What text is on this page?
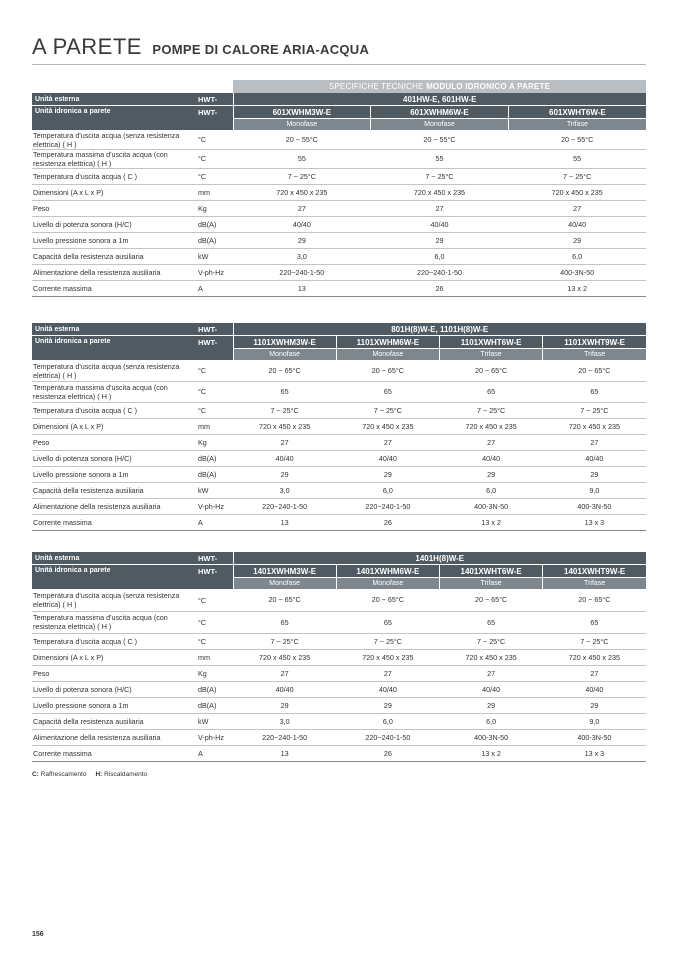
A PARETE POMPE DI CALORE ARIA-ACQUA
SPECIFICHE TECNICHE MODULO IDRONICO A PARETE
Unità esterna	HWT-	401HW-E, 601HW-E		
Unità idronica a parete	HWT-	601XWHM3W-E	601XWHM6W-E	601XWHT6W-E
		Monofase	Monofase	Trifase
Temperatura d'uscita acqua (senza resistenza elettrica) ( H )	°C	20 ~ 55°C	20 ~ 55°C	20 ~ 55°C
Temperatura massima d'uscita acqua (con resistenza elettrica) ( H )	°C	55	55	55
Temperatura d'uscita acqua ( C )	°C	7 ~ 25°C	7 ~ 25°C	7 ~ 25°C
Dimensioni (A x L x P)	mm	720 x 450 x 235	720 x 450 x 235	720 x 450 x 235
Peso	Kg	27	27	27
Livello di potenza sonora (H/C)	dB(A)	40/40	40/40	40/40
Livello pressione sonora a 1m	dB(A)	29	29	29
Capacità della resistenza ausiliaria	kW	3,0	6,0	6,0
Alimentazione della resistenza ausiliaria	V-ph-Hz	220~240-1-50	220~240-1-50	400-3N-50
Corrente massima	A	13	26	13 x 2
Unità esterna	HWT-	801H(8)W-E, 1101H(8)W-E			
Unità idronica a parete	HWT-	1101XWHM3W-E	1101XWHM6W-E	1101XWHT6W-E	1101XWHT9W-E
		Monofase	Monofase	Trifase	Trifase
Temperatura d'uscita acqua (senza resistenza elettrica) ( H )	°C	20 ~ 65°C	20 ~ 65°C	20 ~ 65°C	20 ~ 65°C
Temperatura massima d'uscita acqua (con resistenza elettrica) ( H )	°C	65	65	65	65
Temperatura d'uscita acqua ( C )	°C	7 ~ 25°C	7 ~ 25°C	7 ~ 25°C	7 ~ 25°C
Dimensioni (A x L x P)	mm	720 x 450 x 235	720 x 450 x 235	720 x 450 x 235	720 x 450 x 235
Peso	Kg	27	27	27	27
Livello di potenza sonora (H/C)	dB(A)	40/40	40/40	40/40	40/40
Livello pressione sonora a 1m	dB(A)	29	29	29	29
Capacità della resistenza ausiliaria	kW	3,0	6,0	6,0	9,0
Alimentazione della resistenza ausiliaria	V-ph-Hz	220~240-1-50	220~240-1-50	400-3N-50	400-3N-50
Corrente massima	A	13	26	13 x 2	13 x 3
Unità esterna	HWT-	1401H(8)W-E			
Unità idronica a parete	HWT-	1401XWHM3W-E	1401XWHM6W-E	1401XWHT6W-E	1401XWHT9W-E
		Monofase	Monofase	Trifase	Trifase
Temperatura d'uscita acqua (senza resistenza elettrica) ( H )	°C	20 ~ 65°C	20 ~ 65°C	20 ~ 65°C	20 ~ 65°C
Temperatura massima d'uscita acqua (con resistenza elettrica) ( H )	°C	65	65	65	65
Temperatura d'uscita acqua ( C )	°C	7 ~ 25°C	7 ~ 25°C	7 ~ 25°C	7 ~ 25°C
Dimensioni (A x L x P)	mm	720 x 450 x 235	720 x 450 x 235	720 x 450 x 235	720 x 450 x 235
Peso	Kg	27	27	27	27
Livello di potenza sonora (H/C)	dB(A)	40/40	40/40	40/40	40/40
Livello pressione sonora a 1m	dB(A)	29	29	29	29
Capacità della resistenza ausiliaria	kW	3,0	6,0	6,0	9,0
Alimentazione della resistenza ausiliaria	V-ph-Hz	220~240-1-50	220~240-1-50	400-3N-50	400-3N-50
Corrente massima	A	13	26	13 x 2	13 x 3
C: Raffrescamento H: Riscaldamento
156
